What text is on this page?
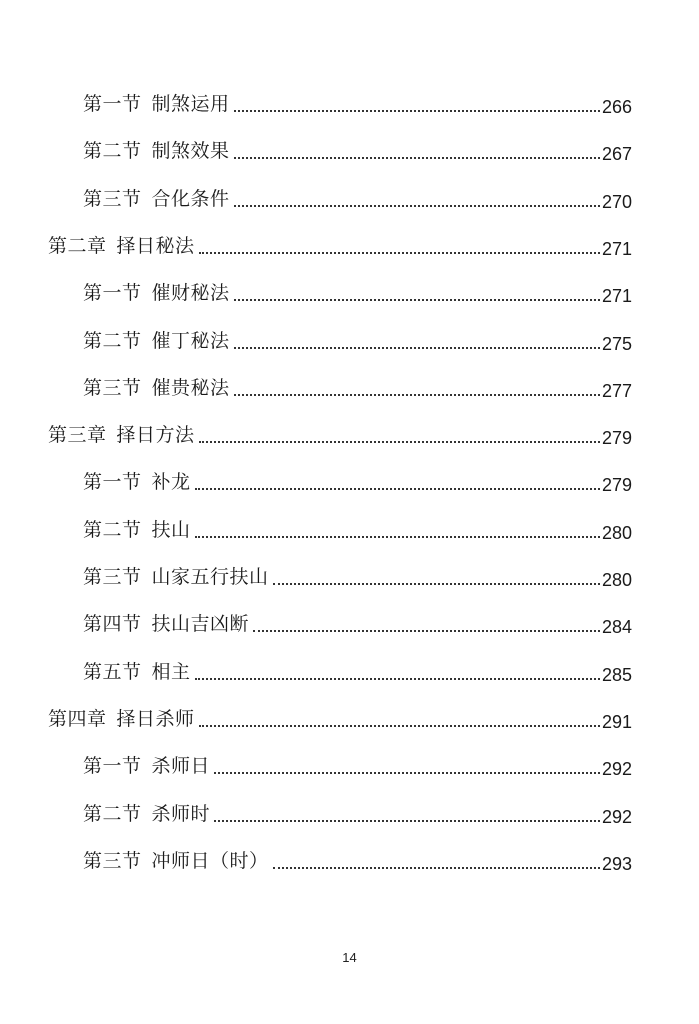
第一节 制煞运用	266
第二节 制煞效果	267
第三节 合化条件	270
第二章 择日秘法	271
第一节 催财秘法	271
第二节 催丁秘法	275
第三节 催贵秘法	277
第三章 择日方法	279
第一节 补龙	279
第二节 扶山	280
第三节 山家五行扶山	280
第四节 扶山吉凶断	284
第五节 相主	285
第四章 择日杀师	291
第一节 杀师日	292
第二节 杀师时	292
第三节 冲师日（时）	293
14
